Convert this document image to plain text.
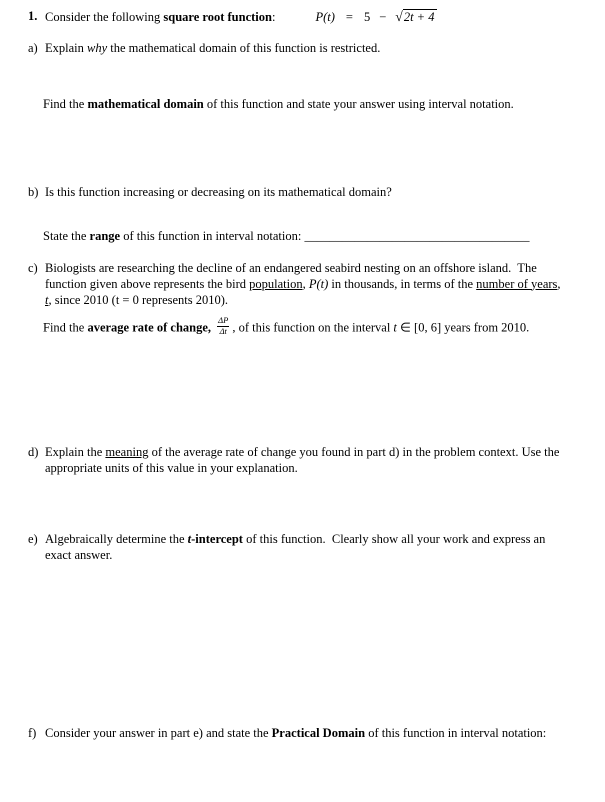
1. Consider the following square root function:	P(t) = 5 − √2t + 4
a) Explain why the mathematical domain of this function is restricted.
Find the mathematical domain of this function and state your answer using interval notation.
b) Is this function increasing or decreasing on its mathematical domain?
State the range of this function in interval notation: ____________________________________
c) Biologists are researching the decline of an endangered seabird nesting on an offshore island.  The function given above represents the bird population, P(t) in thousands, in terms of the number of years, t, since 2010 (t = 0 represents 2010).
Find the average rate of change, $\frac{\Delta P}{\Delta t}$ , of this function on the interval t ∈ [0, 6] years from 2010.
d) Explain the meaning of the average rate of change you found in part d) in the problem context. Use the appropriate units of this value in your explanation.
e) Algebraically determine the t-intercept of this function.  Clearly show all your work and express an exact answer.
f) Consider your answer in part e) and state the Practical Domain of this function in interval notation:
